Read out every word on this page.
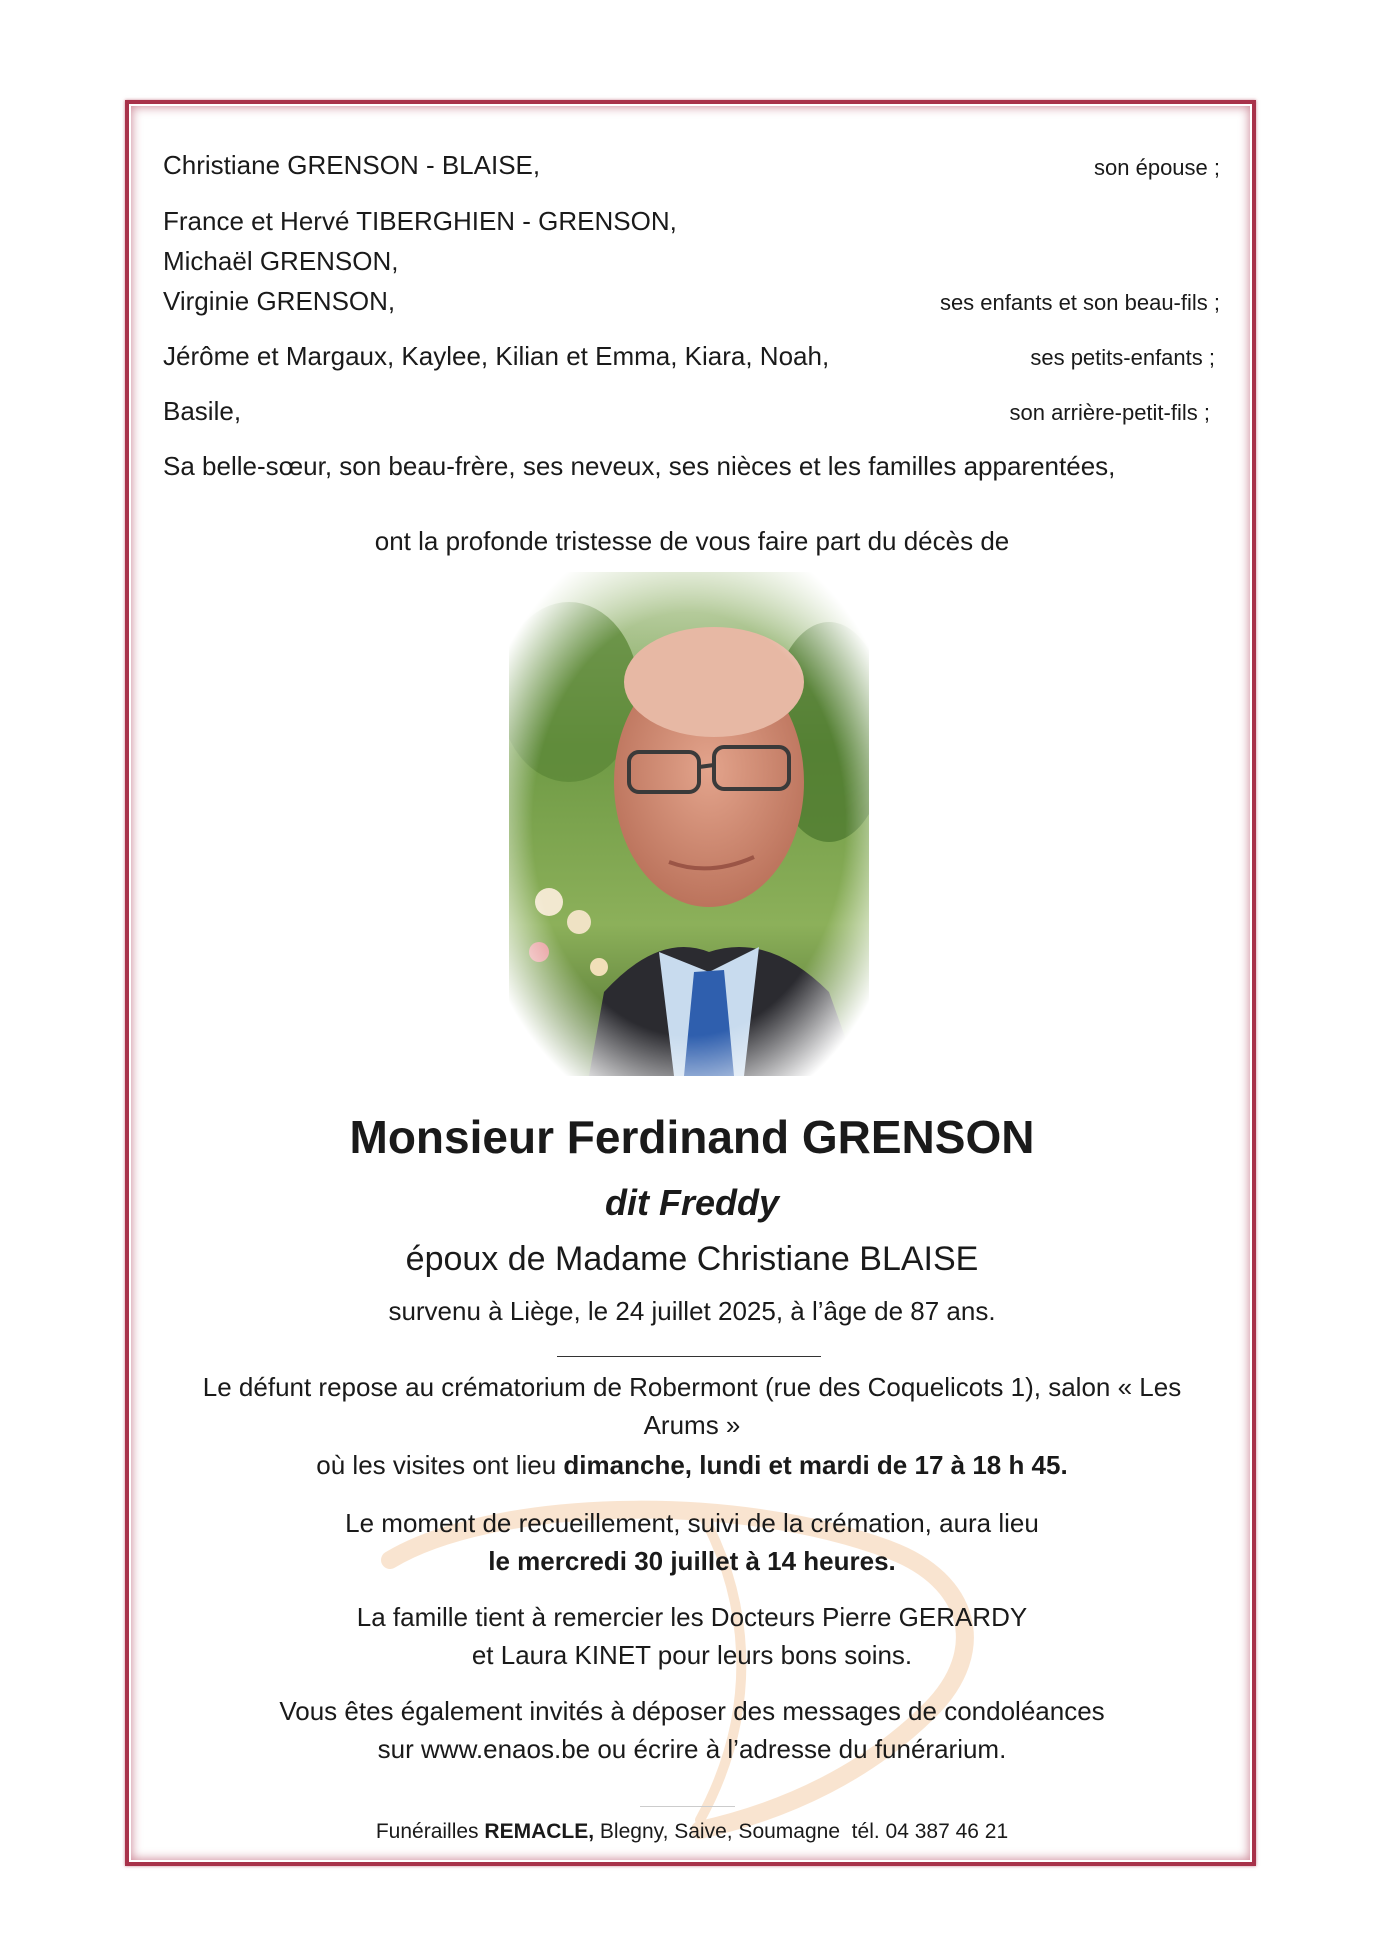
Christiane GRENSON - BLAISE,	son épouse ;
France et Hervé TIBERGHIEN - GRENSON,
Michaël GRENSON,
Virginie GRENSON,	ses enfants et son beau-fils ;
Jérôme et Margaux, Kaylee, Kilian et Emma, Kiara, Noah,	ses petits-enfants ;
Basile,	son arrière-petit-fils ;
Sa belle-sœur, son beau-frère, ses neveux, ses nièces et les familles apparentées,
ont la profonde tristesse de vous faire part du décès de
Monsieur Ferdinand GRENSON
dit Freddy
époux de Madame Christiane BLAISE
survenu à Liège, le 24 juillet 2025, à l’âge de 87 ans.
Le défunt repose au crématorium de Robermont (rue des Coquelicots 1), salon « Les
Arums »
où les visites ont lieu dimanche, lundi et mardi de 17 à 18 h 45.
Le moment de recueillement, suivi de la crémation, aura lieu
le mercredi 30 juillet à 14 heures.
La famille tient à remercier les Docteurs Pierre GERARDY
et Laura KINET pour leurs bons soins.
Vous êtes également invités à déposer des messages de condoléances
sur www.enaos.be ou écrire à l’adresse du funérarium.
Funérailles REMACLE, Blegny, Saive, Soumagne  tél. 04 387 46 21
